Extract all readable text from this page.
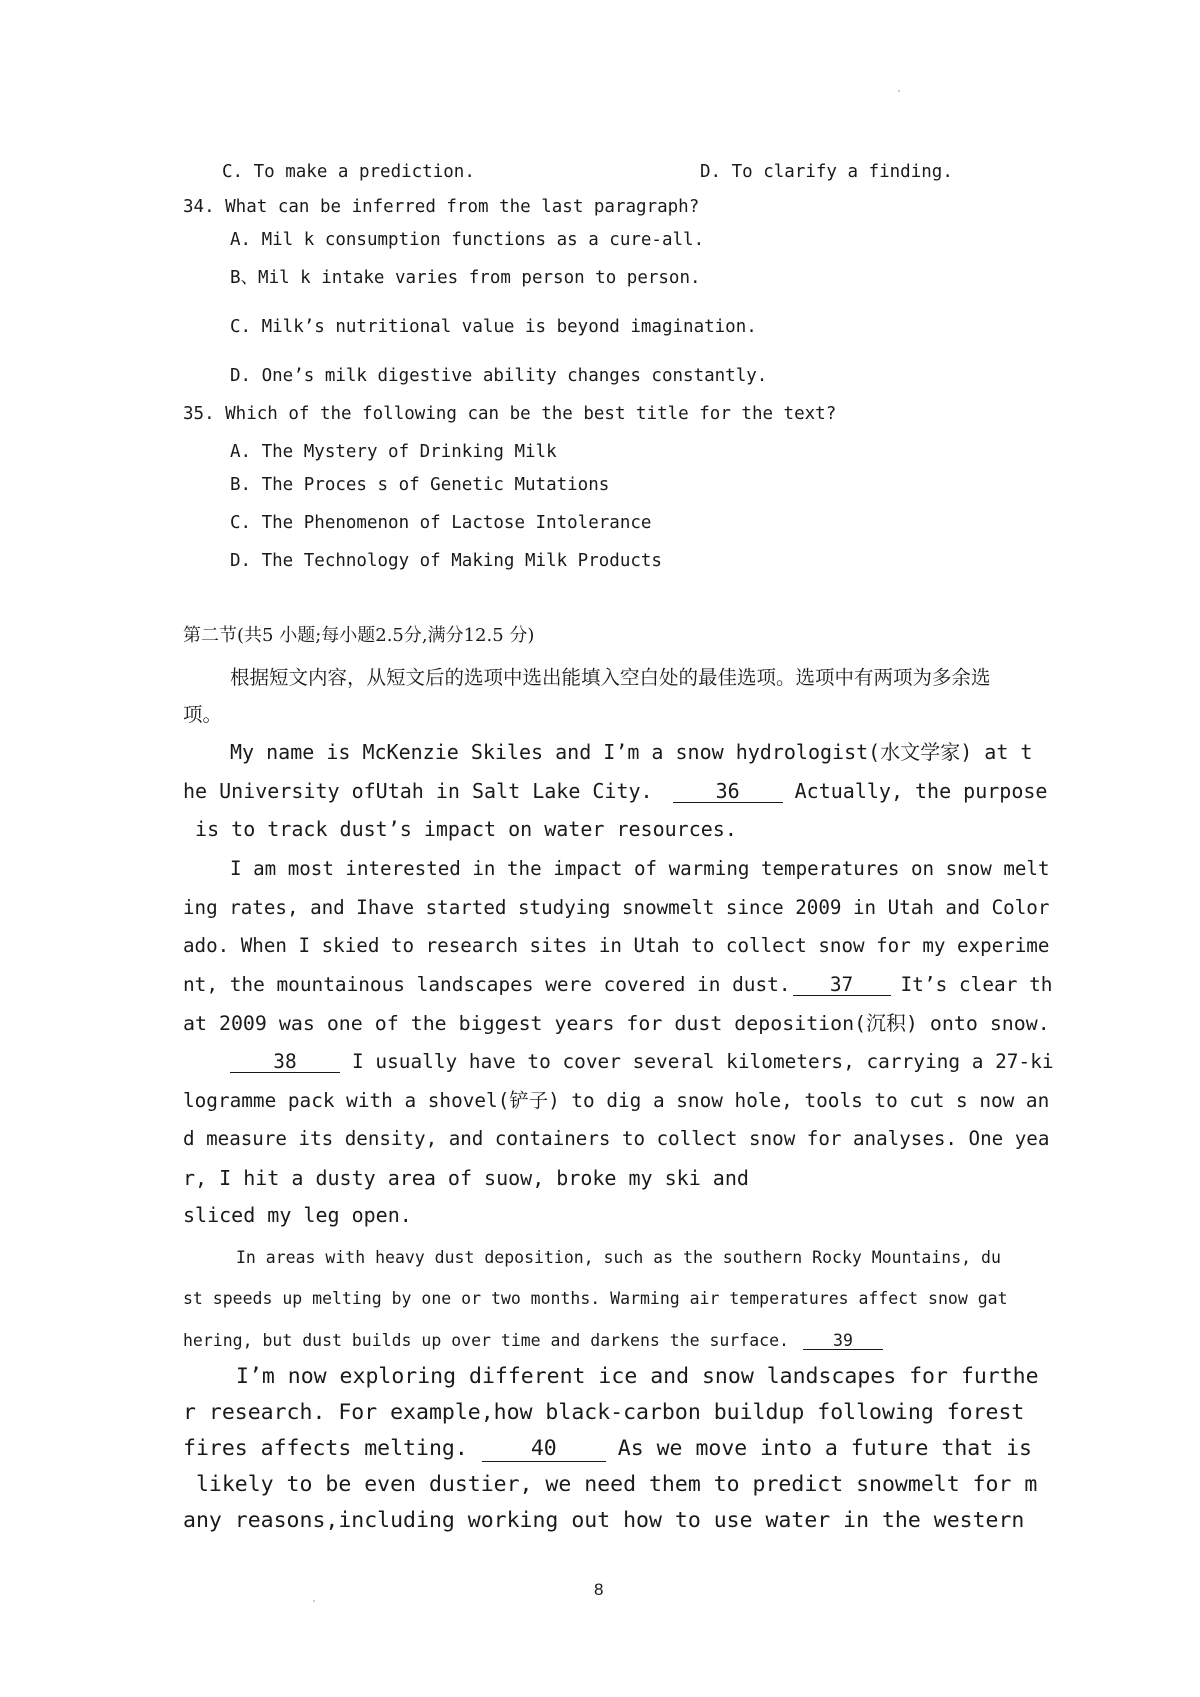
C. To make a prediction.	D. To clarify a finding.
34. What can be inferred from the last paragraph?
A. Mil k consumption functions as a cure-all.
B、Mil k intake varies from person to person.
C. Milk’s nutritional value is beyond imagination.
D. One’s milk digestive ability changes constantly.
35. Which of the following can be the best title for the text?
A. The Mystery of Drinking Milk
B. The Proces s of Genetic Mutations
C. The Phenomenon of Lactose Intolerance
D. The Technology of Making Milk Products
第二节(共5 小题;每小题2.5分,满分12.5 分)
根据短文内容，从短文后的选项中选出能填入空白处的最佳选项。选项中有两项为多余选
项。
My name is McKenzie Skiles and I’m a snow hydrologist(水文学家) at t
he University ofUtah in Salt Lake City.	36	Actually, the purpose
is to track dust’s impact on water resources.
I am most interested in the impact of warming temperatures on snow melt
ing rates, and Ihave started studying snowmelt since 2009 in Utah and Color
ado. When I skied to research sites in Utah to collect snow for my experime
nt, the mountainous landscapes were covered in dust. 37 It’s clear th
at 2009 was one of the biggest years for dust deposition(沉积) onto snow.
38	I usually have to cover several kilometers, carrying a 27-ki
logramme pack with a shovel(铲子) to dig a snow hole, tools to cut s now an
d measure its density, and containers to collect snow for analyses. One yea
r, I hit a dusty area of suow, broke my ski and
sliced my leg open.
In areas with heavy dust deposition, such as the southern Rocky Mountains, du
st speeds up melting by one or two months. Warming air temperatures affect snow gat
hering, but dust builds up over time and darkens the surface.	39
I’m now exploring different ice and snow landscapes for furthe
r research. For example,how black-carbon buildup following forest
fires affects melting.	40	As we move into a future that is
likely to be even dustier, we need them to predict snowmelt for m
any reasons,including working out how to use water in the western
8
